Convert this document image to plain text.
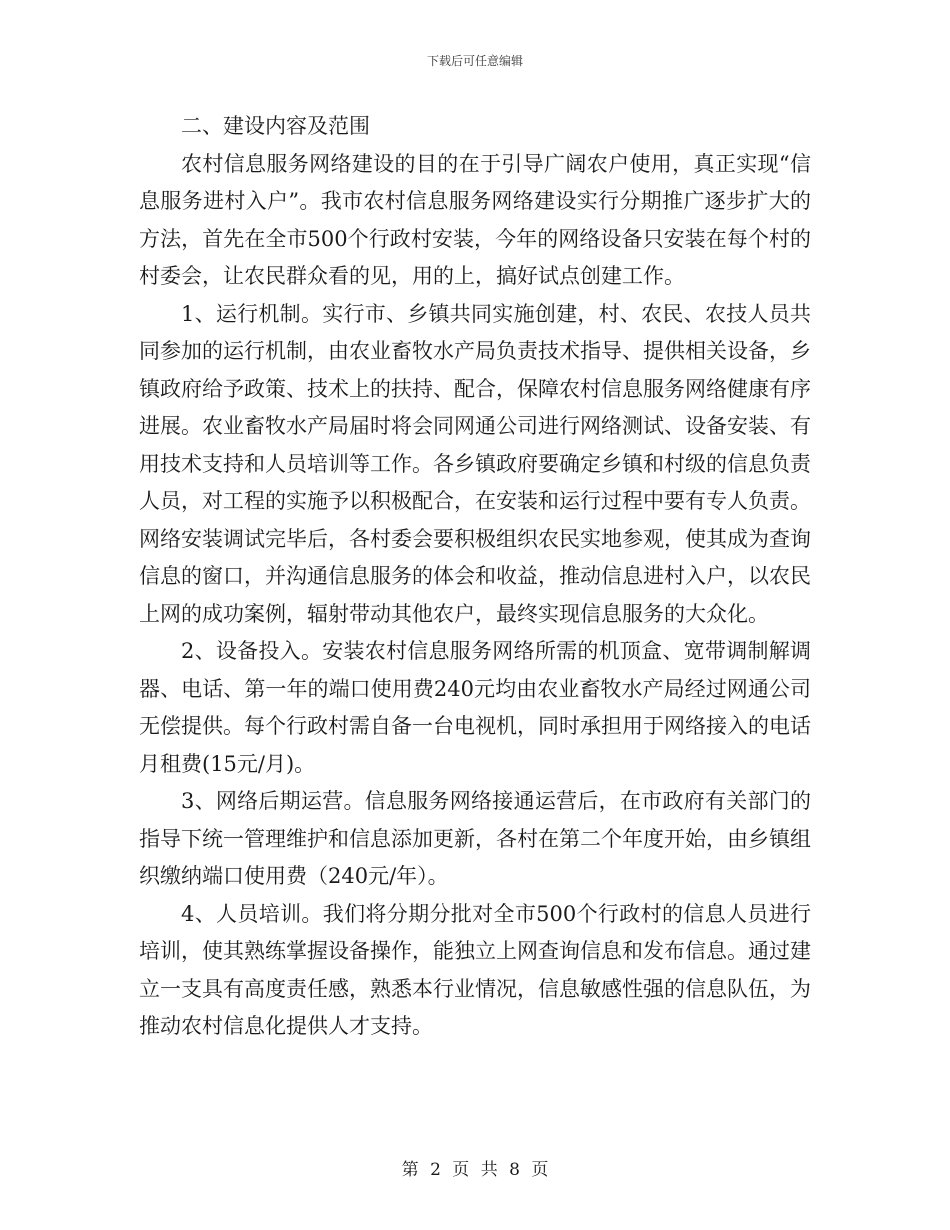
下载后可任意编辑

二、建设内容及范围

农村信息服务网络建设的目的在于引导广阔农户使用，真正实现“信息服务进村入户”。我市农村信息服务网络建设实行分期推广逐步扩大的方法，首先在全市500个行政村安装，今年的网络设备只安装在每个村的村委会，让农民群众看的见，用的上，搞好试点创建工作。

1、运行机制。实行市、乡镇共同实施创建，村、农民、农技人员共同参加的运行机制，由农业畜牧水产局负责技术指导、提供相关设备，乡镇政府给予政策、技术上的扶持、配合，保障农村信息服务网络健康有序进展。农业畜牧水产局届时将会同网通公司进行网络测试、设备安装、有用技术支持和人员培训等工作。各乡镇政府要确定乡镇和村级的信息负责人员，对工程的实施予以积极配合，在安装和运行过程中要有专人负责。网络安装调试完毕后，各村委会要积极组织农民实地参观，使其成为查询信息的窗口，并沟通信息服务的体会和收益，推动信息进村入户，以农民上网的成功案例，辐射带动其他农户，最终实现信息服务的大众化。

2、设备投入。安装农村信息服务网络所需的机顶盒、宽带调制解调器、电话、第一年的端口使用费240元均由农业畜牧水产局经过网通公司无偿提供。每个行政村需自备一台电视机，同时承担用于网络接入的电话月租费(15元/月)。

3、网络后期运营。信息服务网络接通运营后，在市政府有关部门的指导下统一管理维护和信息添加更新，各村在第二个年度开始，由乡镇组织缴纳端口使用费（240元/年）。

4、人员培训。我们将分期分批对全市500个行政村的信息人员进行培训，使其熟练掌握设备操作，能独立上网查询信息和发布信息。通过建立一支具有高度责任感，熟悉本行业情况，信息敏感性强的信息队伍，为推动农村信息化提供人才支持。

第 2 页 共 8 页
